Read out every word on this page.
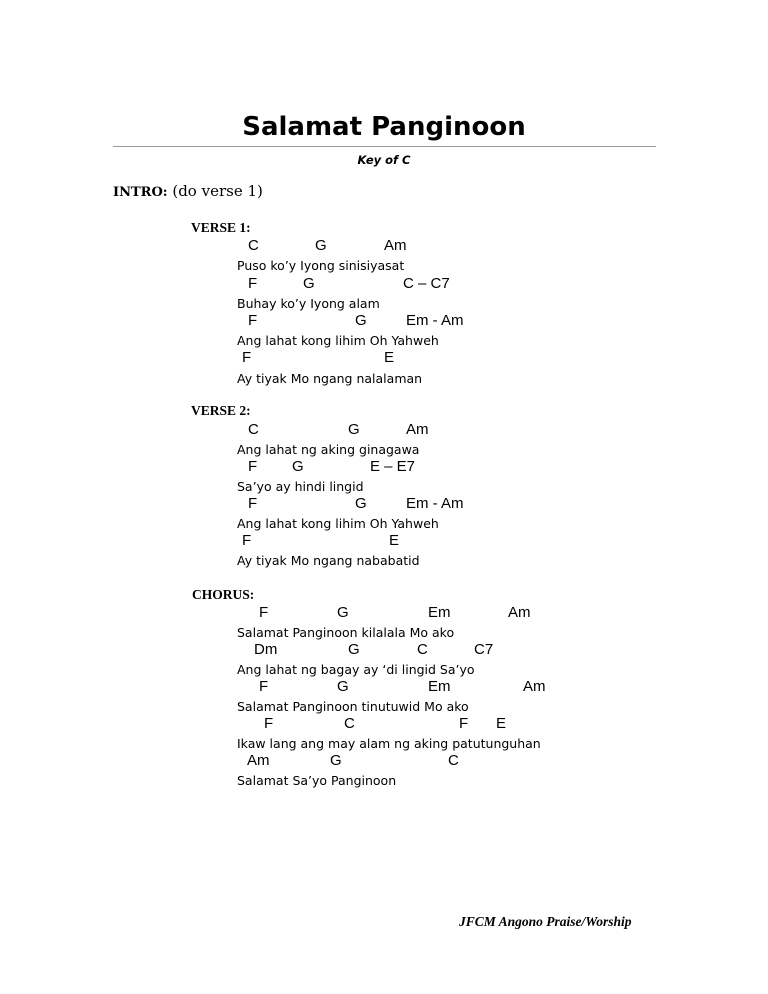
Salamat Panginoon
Key of C
INTRO: (do verse 1)
VERSE 1:
C	G	Am
Puso ko’y Iyong sinisiyasat
F	G	C – C7
Buhay ko’y Iyong alam
F	G	Em - Am
Ang lahat kong lihim Oh Yahweh
F	E
Ay tiyak Mo ngang nalalaman
VERSE 2:
C	G	Am
Ang lahat ng aking ginagawa
F G	E – E7
Sa’yo ay hindi lingid
F	G	Em - Am
Ang lahat kong lihim Oh Yahweh
F	E
Ay tiyak Mo ngang nababatid
CHORUS:
F	G	Em	Am
Salamat Panginoon kilalala Mo ako
Dm	G	C	C7
Ang lahat ng bagay ay ‘di lingid Sa’yo
F	G	Em	Am
Salamat Panginoon tinutuwid Mo ako
F	C	F E
Ikaw lang ang may alam ng aking patutunguhan
Am	G	C
Salamat Sa’yo Panginoon
JFCM Angono Praise/Worship
